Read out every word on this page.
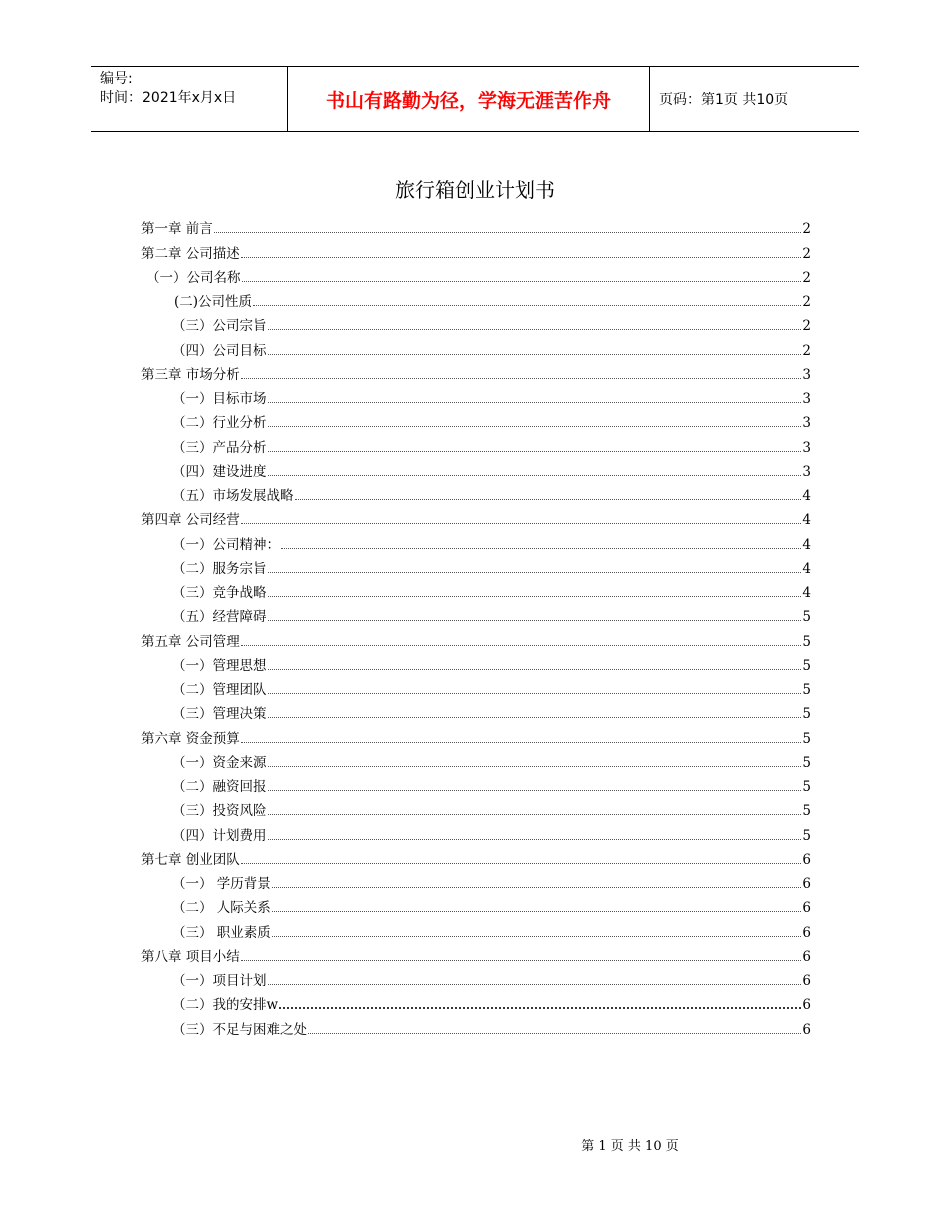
编号:
时间：2021年x月x日	书山有路勤为径，学海无涯苦作舟	页码：第1页 共10页
旅行箱创业计划书
第一章 前言	2
第二章 公司描述	2
（一）公司名称	2
(二)公司性质	2
（三）公司宗旨	2
（四）公司目标	2
第三章 市场分析	3
（一）目标市场	3
（二）行业分析	3
（三）产品分析	3
（四）建设进度	3
（五）市场发展战略	4
第四章 公司经营	4
（一）公司精神：	4
（二）服务宗旨	4
（三）竞争战略	4
（五）经营障碍	5
第五章 公司管理	5
（一）管理思想	5
（二）管理团队	5
（三）管理决策	5
第六章 资金预算	5
（一）资金来源	5
（二）融资回报	5
（三）投资风险	5
（四）计划费用	5
第七章 创业团队	6
（一） 学历背景	6
（二） 人际关系	6
（三） 职业素质	6
第八章 项目小结	6
（一）项目计划	6
（二）我的安排w	6
（三）不足与困难之处	6
第 1 页 共 10 页
